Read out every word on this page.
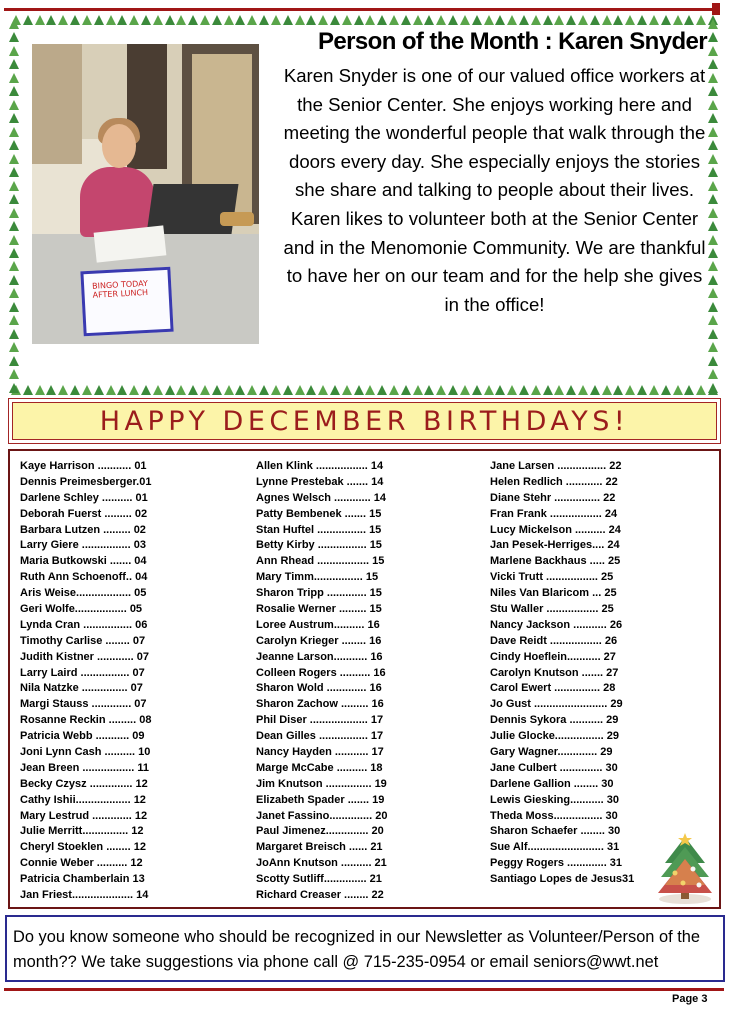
BINGO TODAY AFTER LUNCH
Person of the Month : Karen Snyder

Karen Snyder is one of our valued office workers at the Senior Center. She enjoys working here and meeting the wonderful people that walk through the doors every day. She especially enjoys the stories she share and talking to people about their lives. Karen likes to volunteer both at the Senior Center and in the Menomonie Community. We are thankful to have her on our team and for the help she gives in the office!

HAPPY DECEMBER BIRTHDAYS!
Kaye Harrison ........... 01
Dennis Preimesberger.01
Darlene Schley .......... 01
Deborah Fuerst ......... 02
Barbara Lutzen ......... 02
Larry Giere ................ 03
Maria Butkowski ....... 04
Ruth Ann Schoenoff.. 04
Aris Weise.................. 05
Geri Wolfe................. 05
Lynda Cran ................ 06
Timothy Carlise ........ 07
Judith Kistner ............ 07
Larry Laird ................ 07
Nila Natzke ............... 07
Margi Stauss ............. 07
Rosanne Reckin ......... 08
Patricia Webb ........... 09
Joni Lynn Cash .......... 10
Jean Breen ................. 11
Becky Czysz .............. 12
Cathy Ishii.................. 12
Mary Lestrud ............. 12
Julie Merritt............... 12
Cheryl Stoeklen ........ 12
Connie Weber .......... 12
Patricia Chamberlain 13
Jan Friest.................... 14
Allen Klink ................. 14
Lynne Prestebak ....... 14
Agnes Welsch ............ 14
Patty Bembenek ....... 15
Stan Huftel ................ 15
Betty Kirby ................ 15
Ann Rhead ................. 15
Mary Timm................ 15
Sharon Tripp ............. 15
Rosalie Werner ......... 15
Loree Austrum.......... 16
Carolyn Krieger ........ 16
Jeanne Larson........... 16
Colleen Rogers .......... 16
Sharon Wold ............. 16
Sharon Zachow ......... 16
Phil Diser ................... 17
Dean Gilles ................ 17
Nancy Hayden ........... 17
Marge McCabe .......... 18
Jim Knutson ............... 19
Elizabeth Spader ....... 19
Janet Fassino.............. 20
Paul Jimenez.............. 20
Margaret Breisch ...... 21
JoAnn Knutson .......... 21
Scotty Sutliff.............. 21
Richard Creaser ........ 22
Jane Larsen ................ 22
Helen Redlich ............ 22
Diane Stehr ............... 22
Fran Frank ................. 24
Lucy Mickelson .......... 24
Jan Pesek-Herriges.... 24
Marlene Backhaus ..... 25
Vicki Trutt ................. 25
Niles Van Blaricom ... 25
Stu Waller ................. 25
Nancy Jackson ........... 26
Dave Reidt ................. 26
Cindy Hoeflein........... 27
Carolyn Knutson ....... 27
Carol Ewert ............... 28
Jo Gust ........................ 29
Dennis Sykora ........... 29
Julie Glocke................ 29
Gary Wagner............. 29
Jane Culbert .............. 30
Darlene Gallion ........ 30
Lewis Giesking........... 30
Theda Moss................ 30
Sharon Schaefer ........ 30
Sue Alf......................... 31
Peggy Rogers ............. 31
Santiago Lopes de Jesus31

Do you know someone who should be recognized in our Newsletter as Volunteer/Person of the month?? We take suggestions via phone call @ 715-235-0954 or email seniors@wwt.net

Page 3
